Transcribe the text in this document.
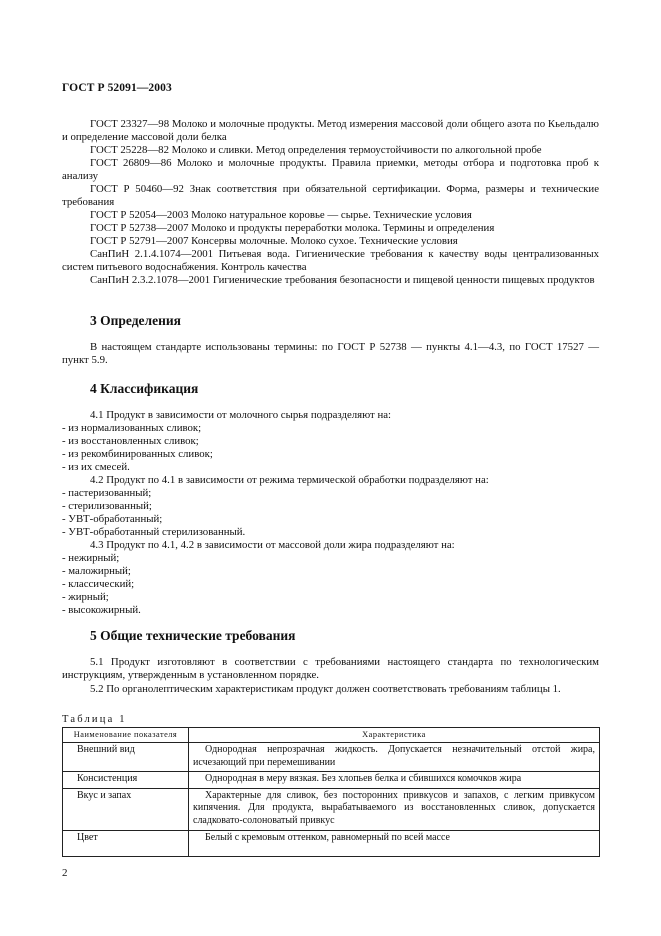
ГОСТ Р 52091—2003
ГОСТ 23327—98 Молоко и молочные продукты. Метод измерения массовой доли общего азота по Кьельдалю и определение массовой доли белка
ГОСТ 25228—82 Молоко и сливки. Метод определения термоустойчивости по алкогольной пробе
ГОСТ 26809—86 Молоко и молочные продукты. Правила приемки, методы отбора и подготовка проб к анализу
ГОСТ Р 50460—92 Знак соответствия при обязательной сертификации. Форма, размеры и технические требования
ГОСТ Р 52054—2003 Молоко натуральное коровье — сырье. Технические условия
ГОСТ Р 52738—2007 Молоко и продукты переработки молока. Термины и определения
ГОСТ Р 52791—2007 Консервы молочные. Молоко сухое. Технические условия
СанПиН 2.1.4.1074—2001 Питьевая вода. Гигиенические требования к качеству воды централизованных систем питьевого водоснабжения. Контроль качества
СанПиН 2.3.2.1078—2001 Гигиенические требования безопасности и пищевой ценности пищевых продуктов
3 Определения
В настоящем стандарте использованы термины: по ГОСТ Р 52738 — пункты 4.1—4.3, по ГОСТ 17527 — пункт 5.9.
4 Классификация
4.1 Продукт в зависимости от молочного сырья подразделяют на:
- из нормализованных сливок;
- из восстановленных сливок;
- из рекомбинированных сливок;
- из их смесей.
4.2 Продукт по 4.1 в зависимости от режима термической обработки подразделяют на:
- пастеризованный;
- стерилизованный;
- УВТ-обработанный;
- УВТ-обработанный стерилизованный.
4.3 Продукт по 4.1, 4.2 в зависимости от массовой доли жира подразделяют на:
- нежирный;
- маложирный;
- классический;
- жирный;
- высокожирный.
5 Общие технические требования
5.1 Продукт изготовляют в соответствии с требованиями настоящего стандарта по технологическим инструкциям, утвержденным в установленном порядке.
5.2 По органолептическим характеристикам продукт должен соответствовать требованиям таблицы 1.
Таблица 1
Наименование показателя	Характеристика
Внешний вид	Однородная непрозрачная жидкость. Допускается незначительный отстой жира, исчезающий при перемешивании
Консистенция	Однородная в меру вязкая. Без хлопьев белка и сбившихся комочков жира
Вкус и запах	Характерные для сливок, без посторонних привкусов и запахов, с легким привкусом кипячения. Для продукта, вырабатываемого из восстановленных сливок, допускается сладковато-солоноватый привкус
Цвет	Белый с кремовым оттенком, равномерный по всей массе
2
